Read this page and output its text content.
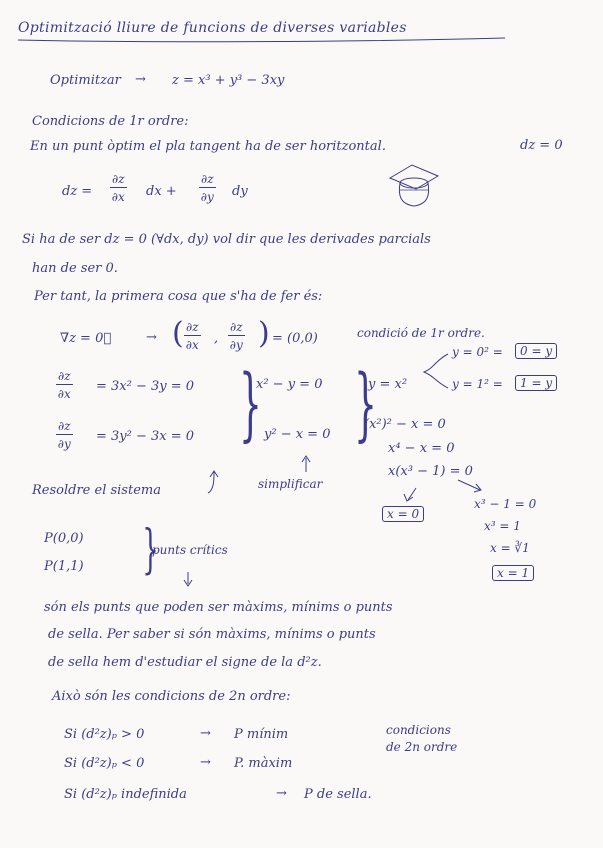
Optimització lliure de funcions de diverses variables
Optimitzar → z = x³ + y³ − 3xy
Condicions de 1r ordre:
En un punt òptim el pla tangent ha de ser horitzontal.	dz = 0
dz = $\frac{\partial z}{\partial x}$ dx + $\frac{\partial z}{\partial y}$ dy
Si ha de ser dz = 0 (∀dx, dy) vol dir que les derivades parcials
han de ser 0.
Per tant, la primera cosa que s'ha de fer és:
∇z = 0⃗	→ ( $\frac{\partial z}{\partial x}$ , $\frac{\partial z}{\partial y}$ ) = (0,0)	condició de 1r ordre.
y = 0² =	0 = y
y = 1² =	1 = y
$\frac{\partial z}{\partial x} = 3x^2 - 3y = 0$
$\frac{\partial z}{\partial y} = 3y^2 - 3x = 0$ }
x² − y = 0
y² − x = 0 }
y = x²
(x²)² − x = 0
x⁴ − x = 0
x(x³ − 1) = 0
Resoldre el sistema	simplificar
x = 0
x³ − 1 = 0
x³ = 1
x = ∛1
x = 1
P(0,0)
P(1,1) }
punts crítics
són els punts que poden ser màxims, mínims o punts
de sella. Per saber si són màxims, mínims o punts
de sella hem d'estudiar el signe de la d²z.
Això són les condicions de 2n ordre:
Si (d²z)ₚ > 0	→ P mínim
Si (d²z)ₚ < 0	→ P. màxim
Si (d²z)ₚ indefinida	→ P de sella.
condicions
de 2n ordre
